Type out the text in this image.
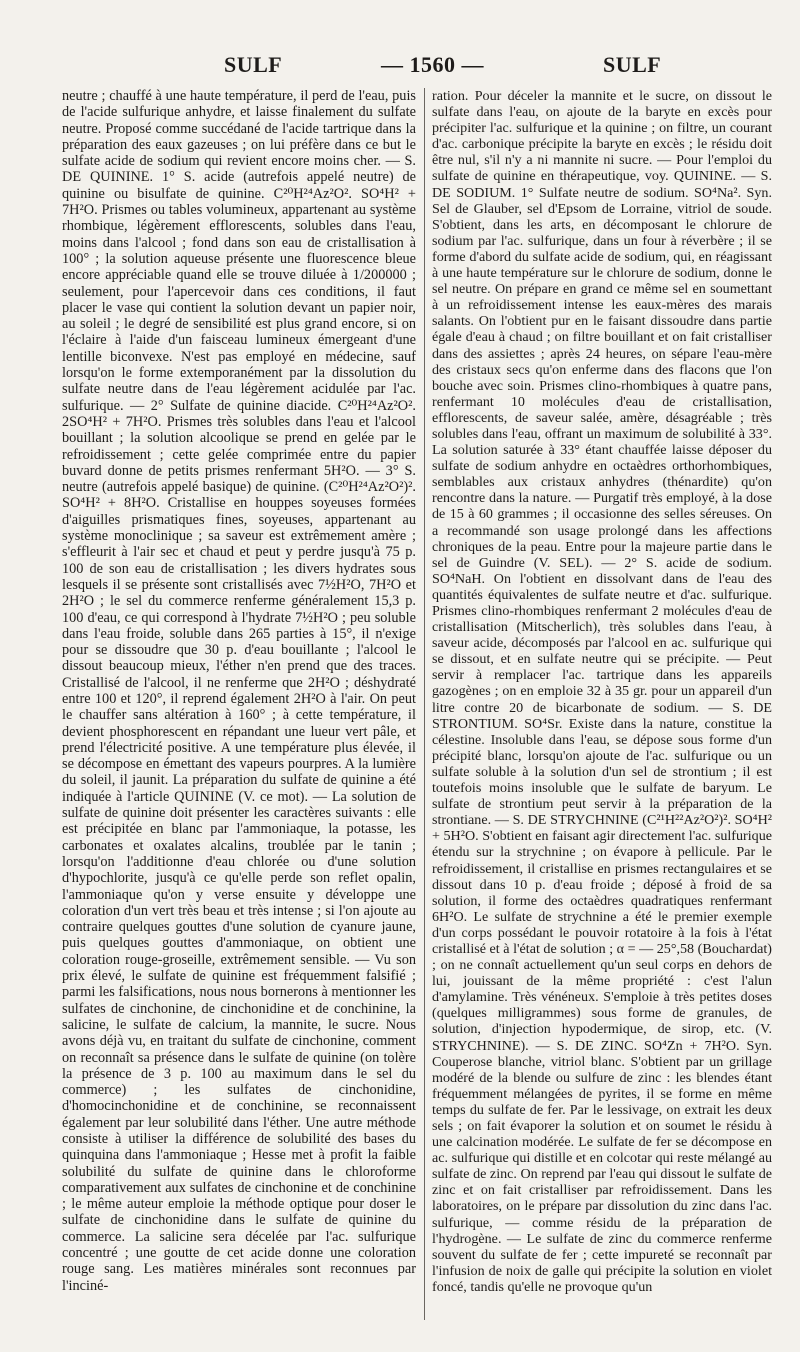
SULF	— 1560 —	SULF

neutre ; chauffé à une haute température, il perd de l'eau, puis de l'acide sulfurique anhydre, et laisse finalement du sulfate neutre. Proposé comme succédané de l'acide tartrique dans la préparation des eaux gazeuses ; on lui préfère dans ce but le sulfate acide de sodium qui revient encore moins cher. — S. DE QUININE. 1° S. acide (autrefois appelé neutre) de quinine ou bisulfate de quinine. C²⁰H²⁴Az²O². SO⁴H² + 7H²O. Prismes ou tables volumineux, appartenant au système rhombique, légèrement efflorescents, solubles dans l'eau, moins dans l'alcool ; fond dans son eau de cristallisation à 100° ; la solution aqueuse présente une fluorescence bleue encore appréciable quand elle se trouve diluée à 1/200000 ; seulement, pour l'apercevoir dans ces conditions, il faut placer le vase qui contient la solution devant un papier noir, au soleil ; le degré de sensibilité est plus grand encore, si on l'éclaire à l'aide d'un faisceau lumineux émergeant d'une lentille biconvexe. N'est pas employé en médecine, sauf lorsqu'on le forme extemporanément par la dissolution du sulfate neutre dans de l'eau légèrement acidulée par l'ac. sulfurique. — 2° Sulfate de quinine diacide. C²⁰H²⁴Az²O². 2SO⁴H² + 7H²O. Prismes très solubles dans l'eau et l'alcool bouillant ; la solution alcoolique se prend en gelée par le refroidissement ; cette gelée comprimée entre du papier buvard donne de petits prismes renfermant 5H²O. — 3° S. neutre (autrefois appelé basique) de quinine. (C²⁰H²⁴Az²O²)². SO⁴H² + 8H²O. Cristallise en houppes soyeuses formées d'aiguilles prismatiques fines, soyeuses, appartenant au système monoclinique ; sa saveur est extrêmement amère ; s'effleurit à l'air sec et chaud et peut y perdre jusqu'à 75 p. 100 de son eau de cristallisation ; les divers hydrates sous lesquels il se présente sont cristallisés avec 7½H²O, 7H²O et 2H²O ; le sel du commerce renferme généralement 15,3 p. 100 d'eau, ce qui correspond à l'hydrate 7½H²O ; peu soluble dans l'eau froide, soluble dans 265 parties à 15°, il n'exige pour se dissoudre que 30 p. d'eau bouillante ; l'alcool le dissout beaucoup mieux, l'éther n'en prend que des traces. Cristallisé de l'alcool, il ne renferme que 2H²O ; déshydraté entre 100 et 120°, il reprend également 2H²O à l'air. On peut le chauffer sans altération à 160° ; à cette température, il devient phosphorescent en répandant une lueur vert pâle, et prend l'électricité positive. A une température plus élevée, il se décompose en émettant des vapeurs pourpres. A la lumière du soleil, il jaunit. La préparation du sulfate de quinine a été indiquée à l'article QUININE (V. ce mot). — La solution de sulfate de quinine doit présenter les caractères suivants : elle est précipitée en blanc par l'ammoniaque, la potasse, les carbonates et oxalates alcalins, troublée par le tanin ; lorsqu'on l'additionne d'eau chlorée ou d'une solution d'hypochlorite, jusqu'à ce qu'elle perde son reflet opalin, l'ammoniaque qu'on y verse ensuite y développe une coloration d'un vert très beau et très intense ; si l'on ajoute au contraire quelques gouttes d'une solution de cyanure jaune, puis quelques gouttes d'ammoniaque, on obtient une coloration rouge-groseille, extrêmement sensible. — Vu son prix élevé, le sulfate de quinine est fréquemment falsifié ; parmi les falsifications, nous nous bornerons à mentionner les sulfates de cinchonine, de cinchonidine et de conchinine, la salicine, le sulfate de calcium, la mannite, le sucre. Nous avons déjà vu, en traitant du sulfate de cinchonine, comment on reconnaît sa présence dans le sulfate de quinine (on tolère la présence de 3 p. 100 au maximum dans le sel du commerce) ; les sulfates de cinchonidine, d'homocinchonidine et de conchinine, se reconnaissent également par leur solubilité dans l'éther. Une autre méthode consiste à utiliser la différence de solubilité des bases du quinquina dans l'ammoniaque ; Hesse met à profit la faible solubilité du sulfate de quinine dans le chloroforme comparativement aux sulfates de cinchonine et de conchinine ; le même auteur emploie la méthode optique pour doser le sulfate de cinchonidine dans le sulfate de quinine du commerce. La salicine sera décelée par l'ac. sulfurique concentré ; une goutte de cet acide donne une coloration rouge sang. Les matières minérales sont reconnues par l'inciné-

ration. Pour déceler la mannite et le sucre, on dissout le sulfate dans l'eau, on ajoute de la baryte en excès pour précipiter l'ac. sulfurique et la quinine ; on filtre, un courant d'ac. carbonique précipite la baryte en excès ; le résidu doit être nul, s'il n'y a ni mannite ni sucre. — Pour l'emploi du sulfate de quinine en thérapeutique, voy. QUININE. — S. DE SODIUM. 1° Sulfate neutre de sodium. SO⁴Na². Syn. Sel de Glauber, sel d'Epsom de Lorraine, vitriol de soude. S'obtient, dans les arts, en décomposant le chlorure de sodium par l'ac. sulfurique, dans un four à réverbère ; il se forme d'abord du sulfate acide de sodium, qui, en réagissant à une haute température sur le chlorure de sodium, donne le sel neutre. On prépare en grand ce même sel en soumettant à un refroidissement intense les eaux-mères des marais salants. On l'obtient pur en le faisant dissoudre dans partie égale d'eau à chaud ; on filtre bouillant et on fait cristalliser dans des assiettes ; après 24 heures, on sépare l'eau-mère des cristaux secs qu'on enferme dans des flacons que l'on bouche avec soin. Prismes clino-rhombiques à quatre pans, renfermant 10 molécules d'eau de cristallisation, efflorescents, de saveur salée, amère, désagréable ; très solubles dans l'eau, offrant un maximum de solubilité à 33°. La solution saturée à 33° étant chauffée laisse déposer du sulfate de sodium anhydre en octaèdres orthorhombiques, semblables aux cristaux anhydres (thénardite) qu'on rencontre dans la nature. — Purgatif très employé, à la dose de 15 à 60 grammes ; il occasionne des selles séreuses. On a recommandé son usage prolongé dans les affections chroniques de la peau. Entre pour la majeure partie dans le sel de Guindre (V. SEL). — 2° S. acide de sodium. SO⁴NaH. On l'obtient en dissolvant dans de l'eau des quantités équivalentes de sulfate neutre et d'ac. sulfurique. Prismes clino-rhombiques renfermant 2 molécules d'eau de cristallisation (Mitscherlich), très solubles dans l'eau, à saveur acide, décomposés par l'alcool en ac. sulfurique qui se dissout, et en sulfate neutre qui se précipite. — Peut servir à remplacer l'ac. tartrique dans les appareils gazogènes ; on en emploie 32 à 35 gr. pour un appareil d'un litre contre 20 de bicarbonate de sodium. — S. DE STRONTIUM. SO⁴Sr. Existe dans la nature, constitue la célestine. Insoluble dans l'eau, se dépose sous forme d'un précipité blanc, lorsqu'on ajoute de l'ac. sulfurique ou un sulfate soluble à la solution d'un sel de strontium ; il est toutefois moins insoluble que le sulfate de baryum. Le sulfate de strontium peut servir à la préparation de la strontiane. — S. DE STRYCHNINE (C²¹H²²Az²O²)². SO⁴H² + 5H²O. S'obtient en faisant agir directement l'ac. sulfurique étendu sur la strychnine ; on évapore à pellicule. Par le refroidissement, il cristallise en prismes rectangulaires et se dissout dans 10 p. d'eau froide ; déposé à froid de sa solution, il forme des octaèdres quadratiques renfermant 6H²O. Le sulfate de strychnine a été le premier exemple d'un corps possédant le pouvoir rotatoire à la fois à l'état cristallisé et à l'état de solution ; α = — 25°,58 (Bouchardat) ; on ne connaît actuellement qu'un seul corps en dehors de lui, jouissant de la même propriété : c'est l'alun d'amylamine. Très vénéneux. S'emploie à très petites doses (quelques milligrammes) sous forme de granules, de solution, d'injection hypodermique, de sirop, etc. (V. STRYCHNINE). — S. DE ZINC. SO⁴Zn + 7H²O. Syn. Couperose blanche, vitriol blanc. S'obtient par un grillage modéré de la blende ou sulfure de zinc : les blendes étant fréquemment mélangées de pyrites, il se forme en même temps du sulfate de fer. Par le lessivage, on extrait les deux sels ; on fait évaporer la solution et on soumet le résidu à une calcination modérée. Le sulfate de fer se décompose en ac. sulfurique qui distille et en colcotar qui reste mélangé au sulfate de zinc. On reprend par l'eau qui dissout le sulfate de zinc et on fait cristalliser par refroidissement. Dans les laboratoires, on le prépare par dissolution du zinc dans l'ac. sulfurique, — comme résidu de la préparation de l'hydrogène. — Le sulfate de zinc du commerce renferme souvent du sulfate de fer ; cette impureté se reconnaît par l'infusion de noix de galle qui précipite la solution en violet foncé, tandis qu'elle ne provoque qu'un
